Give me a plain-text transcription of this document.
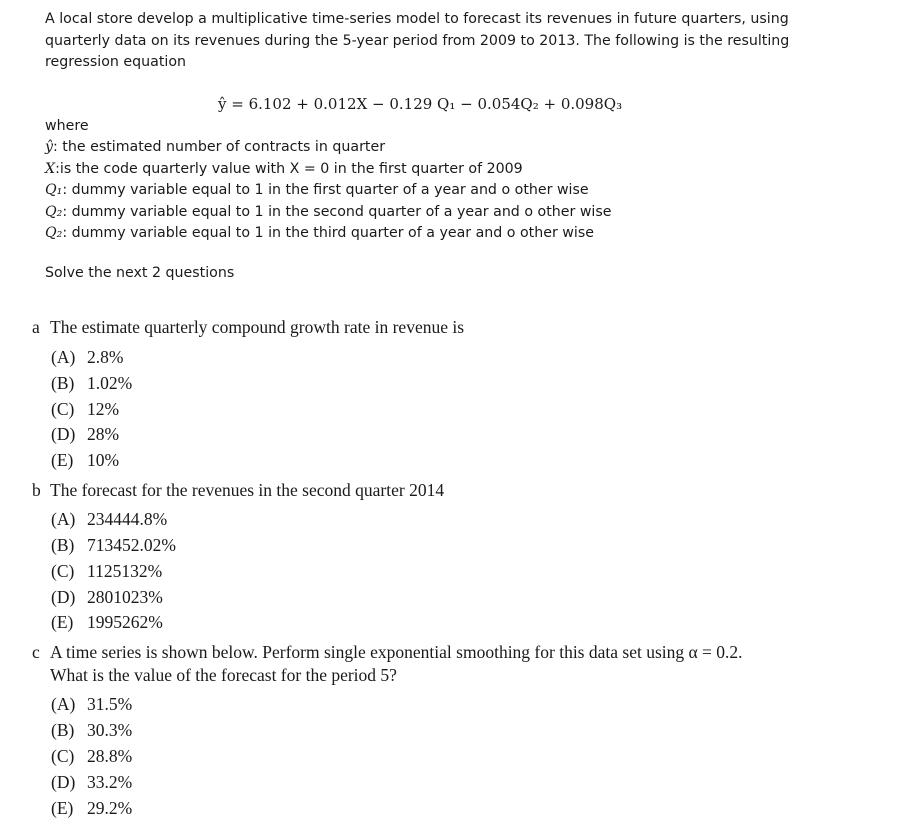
A local store develop a multiplicative time-series model to forecast its revenues in future quarters, using quarterly data on its revenues during the 5-year period from 2009 to 2013. The following is the resulting regression equation
ŷ = 6.102 + 0.012X − 0.129 Q₁ − 0.054Q₂ + 0.098Q₃
where
ŷ: the estimated number of contracts in quarter
X:is the code quarterly value with X = 0 in the first quarter of 2009
Q₁: dummy variable equal to 1 in the first quarter of a year and o other wise
Q₂: dummy variable equal to 1 in the second quarter of a year and o other wise
Q₂: dummy variable equal to 1 in the third quarter of a year and o other wise
Solve the next 2 questions
a The estimate quarterly compound growth rate in revenue is
(A) 2.8%
(B) 1.02%
(C) 12%
(D) 28%
(E) 10%
b The forecast for the revenues in the second quarter 2014
(A) 234444.8%
(B) 713452.02%
(C) 1125132%
(D) 2801023%
(E) 1995262%
c A time series is shown below. Perform single exponential smoothing for this data set using α = 0.2.
What is the value of the forecast for the period 5?
(A) 31.5%
(B) 30.3%
(C) 28.8%
(D) 33.2%
(E) 29.2%
